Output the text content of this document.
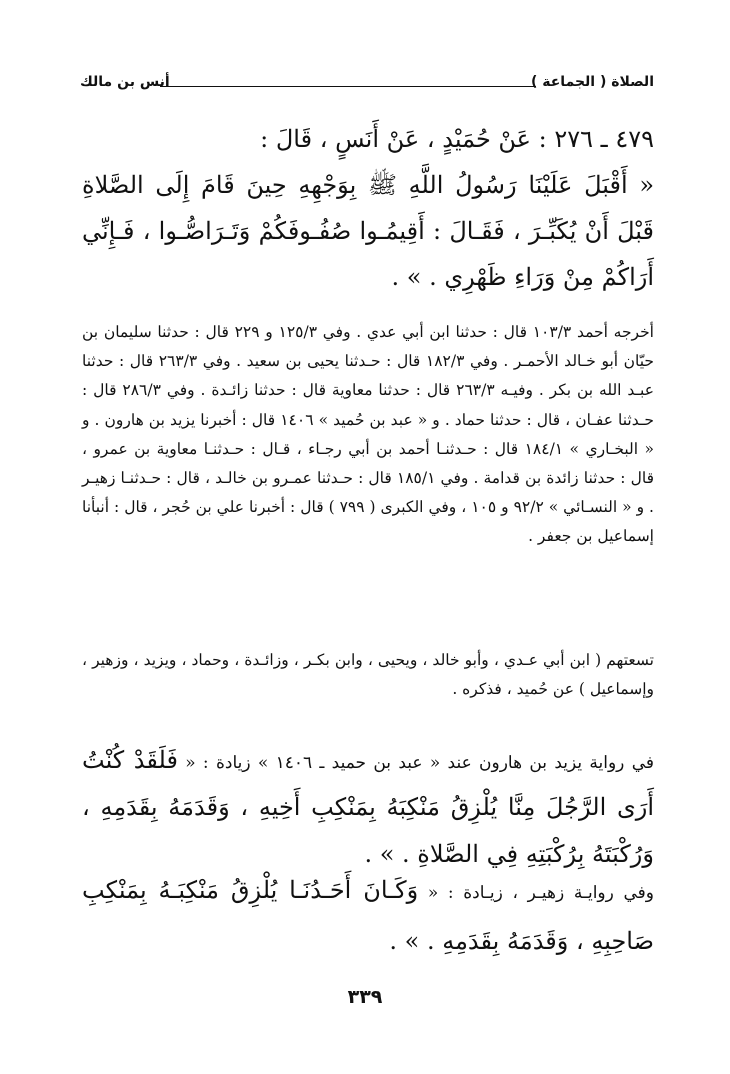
الصلاة ( الجماعة )
أنس بن مالك

٤٧٩ ـ ٢٧٦ : عَنْ حُمَيْدٍ ، عَنْ أَنَسٍ ، قَالَ :
« أَقْبَلَ عَلَيْنَا رَسُولُ اللَّهِ ﷺ بِوَجْهِهِ حِينَ قَامَ إِلَى الصَّلاةِ قَبْلَ أَنْ يُكَبِّـرَ ، فَقَـالَ : أَقِيمُـوا صُفُـوفَكُمْ وَتَـرَاصُّـوا ، فَـإِنِّي أَرَاكُمْ مِنْ وَرَاءِ ظَهْرِي . » .

أخرجه أحمد ١٠٣/٣ قال : حدثنا ابن أبي عدي . وفي ١٢٥/٣ و ٢٢٩ قال : حدثنا سليمان بن حيّان أبو خـالد الأحمـر . وفي ١٨٢/٣ قال : حـدثنا يحيى بن سعيد . وفي ٢٦٣/٣ قال : حدثنا عبـد الله بن بكر . وفيـه ٢٦٣/٣ قال : حدثنا معاوية قال : حدثنا زائـدة . وفي ٢٨٦/٣ قال : حـدثنا عفـان ، قال : حدثنا حماد . و « عبد بن حُميد » ١٤٠٦ قال : أخبرنا يزيد بن هارون . و « البخـاري » ١٨٤/١ قال : حـدثنـا أحمد بن أبي رجـاء ، قـال : حـدثنـا معاوية بن عمرو ، قال : حدثنا زائدة بن قدامة . وفي ١٨٥/١ قال : حـدثنا عمـرو بن خالـد ، قال : حـدثنـا زهيـر . و « النسـائي » ٩٢/٢ و ١٠٥ ، وفي الكبرى ( ٧٩٩ ) قال : أخبرنا علي بن حُجر ، قال : أنبأنا إسماعيل بن جعفر .

تسعتهم ( ابن أبي عـدي ، وأبو خالد ، ويحيى ، وابن بكـر ، وزائـدة ، وحماد ، ويزيد ، وزهير ، وإسماعيل ) عن حُميد ، فذكره .

في رواية يزيد بن هارون عند « عبد بن حميد ـ ١٤٠٦ » زيادة : « فَلَقَدْ كُنْتُ أَرَى الرَّجُلَ مِنَّا يُلْزِقُ مَنْكِبَهُ بِمَنْكِبِ أَخِيهِ ، وَقَدَمَهُ بِقَدَمِهِ ، وَرُكْبَتَهُ بِرُكْبَتِهِ فِي الصَّلاةِ . » .

وفي روايـة زهيـر ، زيـادة : « وَكَـانَ أَحَـدُنَـا يُلْزِقُ مَنْكِبَـهُ بِمَنْكِبِ صَاحِبِهِ ، وَقَدَمَهُ بِقَدَمِهِ . » .

٣٣٩
